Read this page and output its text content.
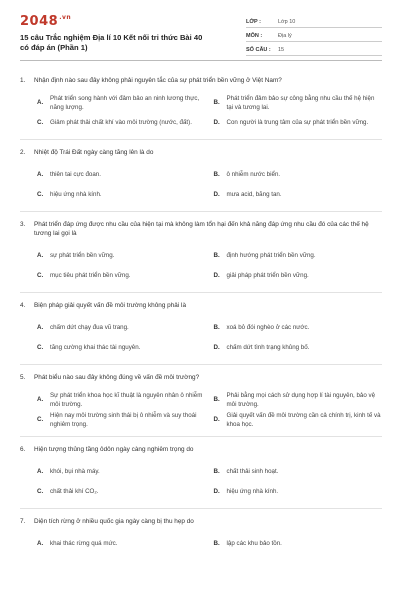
$2048^{.vn}$
15 câu Trắc nghiệm Địa lí 10 Kết nối tri thức Bài 40 có đáp án (Phần 1)
LỚP :	Lớp 10
MÔN :	Địa lý
SỐ CÂU :	15
1.	Nhận định nào sau đây không phải nguyên tắc của sự phát triển bền vững ở Việt Nam?
A.
Phát triển song hành với đảm bảo an ninh lương thực, năng lượng.
B.
Phát triển đảm bảo sự công bằng nhu cầu thế hệ hiện tại và tương lai.
C.	Giảm phát thải chất khí vào môi trường (nước, đất).	D.	Con người là trung tâm của sự phát triển bền vững.
2.	Nhiệt độ Trái Đất ngày càng tăng lên là do
A.	thiên tai cực đoan.	B.	ô nhiễm nước biển.
C.	hiệu ứng nhà kính.	D.	mưa acid, băng tan.
3.	Phát triển đáp ứng được nhu cầu của hiện tại mà không làm tổn hại đến khả năng đáp ứng nhu cầu đó của các thế hệ tương lai gọi là
A.	sự phát triển bền vững.	B.	định hướng phát triển bền vững.
C.	mục tiêu phát triển bền vững.	D.	giải pháp phát triển bền vững.
4.	Biện pháp giải quyết vấn đề môi trường không phải là
A.	chấm dứt chạy đua vũ trang.	B.	xoá bỏ đói nghèo ở các nước.
C.	tăng cường khai thác tài nguyên.	D.	chấm dứt tình trạng khủng bố.
5.	Phát biểu nào sau đây không đúng về vấn đề môi trường?
A.
Sự phát triển khoa học kĩ thuật là nguyên nhân ô nhiễm môi trường.
B.
Phải bằng mọi cách sử dụng hợp lí tài nguyên, bảo vệ môi trường.
C.
Hiện nay môi trường sinh thái bị ô nhiễm và suy thoái nghiêm trọng.
D.
Giải quyết vấn đề môi trường cần cả chính trị, kinh tế và khoa học.
6.	Hiện tượng thủng tầng ôdôn ngày càng nghiêm trọng do
A.	khói, bụi nhà máy.	B.	chất thải sinh hoạt.
C.	chất thải khí CO₂.	D.	hiệu ứng nhà kính.
7.	Diện tích rừng ở nhiều quốc gia ngày càng bị thu hẹp do
A.	khai thác rừng quá mức.	B.	lập các khu bảo tồn.
